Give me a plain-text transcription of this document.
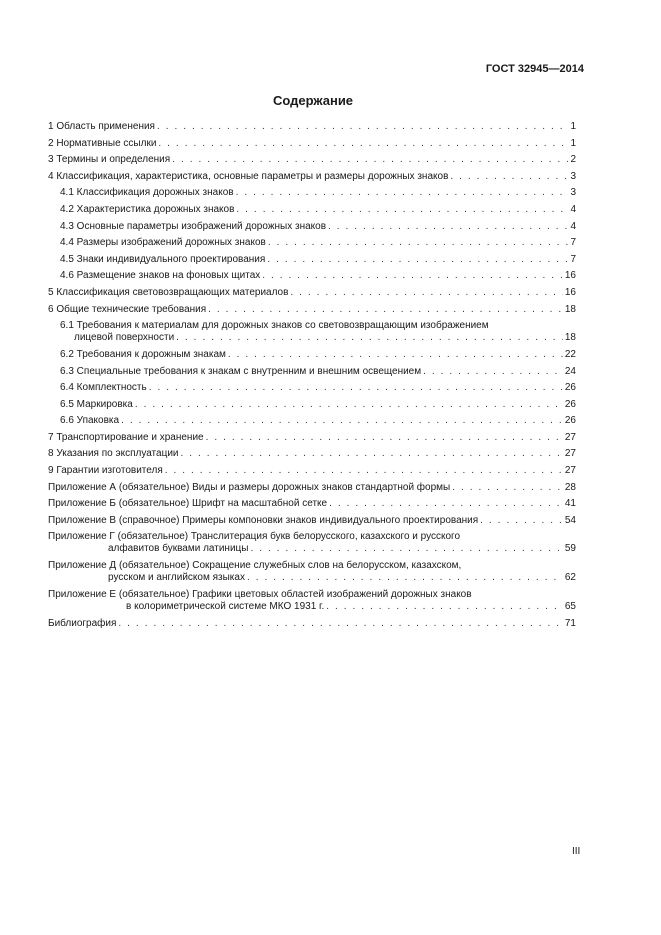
ГОСТ 32945—2014
Содержание
1 Область применения . . .	1
2 Нормативные ссылки . . .	1
3 Термины и определения . . .	2
4 Классификация, характеристика, основные параметры и размеры дорожных знаков . . .	3
4.1 Классификация дорожных знаков . . .	3
4.2 Характеристика дорожных знаков . . .	4
4.3 Основные параметры изображений дорожных знаков . . .	4
4.4 Размеры изображений дорожных знаков . . .	7
4.5 Знаки индивидуального проектирования . . .	7
4.6 Размещение знаков на фоновых щитах . . .	16
5 Классификация световозвращающих материалов . . .	16
6 Общие технические требования . . .	18
6.1 Требования к материалам для дорожных знаков со световозвращающим изображением
лицевой поверхности . . .	18
6.2 Требования к дорожным знакам . . .	22
6.3 Специальные требования к знакам с внутренним и внешним освещением . . .	24
6.4 Комплектность . . .	26
6.5 Маркировка . . .	26
6.6 Упаковка . . .	26
7 Транспортирование и хранение . . .	27
8 Указания по эксплуатации . . .	27
9 Гарантии изготовителя . . .	27
Приложение А (обязательное) Виды и размеры дорожных знаков стандартной формы . . .	28
Приложение Б (обязательное) Шрифт на масштабной сетке . . .	41
Приложение В (справочное) Примеры компоновки знаков индивидуального проектирования . . .	54
Приложение Г (обязательное) Транслитерация букв белорусского, казахского и русского
алфавитов буквами латиницы . . .	59
Приложение Д (обязательное) Сокращение служебных слов на белорусском, казахском,
русском и английском языках . . .	62
Приложение Е (обязательное) Графики цветовых областей изображений дорожных знаков
в колориметрической системе МКО 1931 г. . . .	65
Библиография . . .	71
III
